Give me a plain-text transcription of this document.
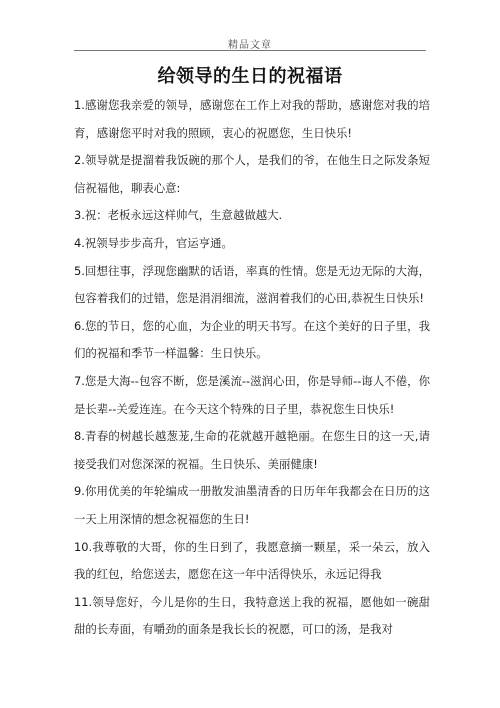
精品文章
给领导的生日的祝福语

1.感谢您我亲爱的领导，感谢您在工作上对我的帮助，感谢您对我的培育，感谢您平时对我的照顾，衷心的祝愿您，生日快乐!

2.领导就是提溜着我饭碗的那个人，是我们的爷，在他生日之际发条短信祝福他，聊表心意:

3.祝：老板永远这样帅气，生意越做越大.

4.祝领导步步高升，官运亨通。

5.回想往事，浮现您幽默的话语，率真的性情。您是无边无际的大海，包容着我们的过错，您是涓涓细流，滋润着我们的心田,恭祝生日快乐!

6.您的节日，您的心血，为企业的明天书写。在这个美好的日子里，我们的祝福和季节一样温馨：生日快乐。

7.您是大海--包容不断，您是溪流--滋润心田，你是导师--诲人不倦，你是长辈--关爱连连。在今天这个特殊的日子里，恭祝您生日快乐!

8.青春的树越长越葱茏,生命的花就越开越艳丽。在您生日的这一天,请接受我们对您深深的祝福。生日快乐、美丽健康!

9.你用优美的年轮编成一册散发油墨清香的日历年年我都会在日历的这一天上用深情的想念祝福您的生日!

10.我尊敬的大哥，你的生日到了，我愿意摘一颗星，采一朵云，放入我的红包，给您送去，愿您在这一年中活得快乐，永远记得我

11.领导您好，今儿是你的生日，我特意送上我的祝福，愿他如一碗甜甜的长寿面，有嚼劲的面条是我长长的祝愿，可口的汤，是我对
